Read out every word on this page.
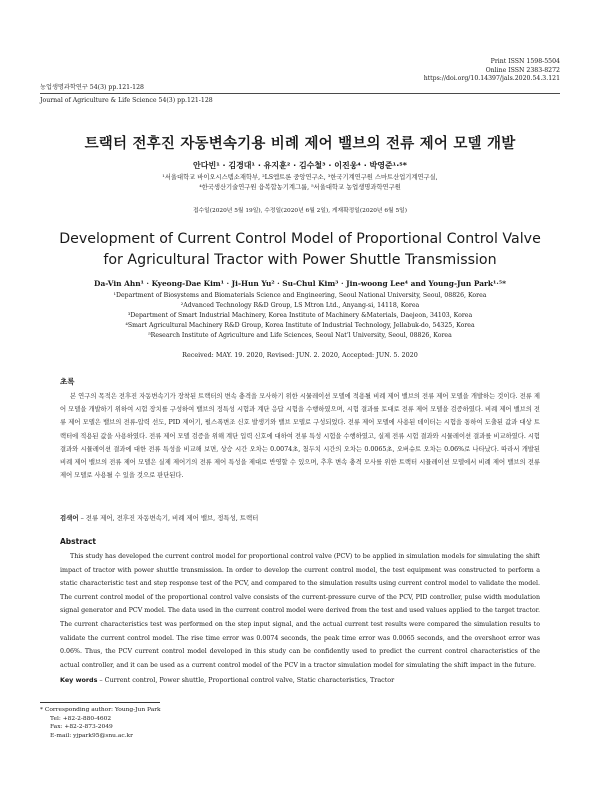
Print ISSN 1598-5504
Online ISSN 2383-8272
https://doi.org/10.14397/jals.2020.54.3.121
농업생명과학연구 54(3) pp.121-128
Journal of Agriculture & Life Science 54(3) pp.121-128
트랙터 전후진 자동변속기용 비례 제어 밸브의 전류 제어 모델 개발
안다빈¹ · 김경대¹ · 유지훈² · 김수철³ · 이진웅⁴ · 박영준¹·⁵*
¹서울대학교 바이오시스템소재학부, ²LS엠트론 중앙연구소, ³한국기계연구원 스마트산업기계연구실,
⁴한국생산기술연구원 융복합농기계그룹, ⁵서울대학교 농업생명과학연구원
접수일(2020년 5월 19일), 수정일(2020년 6월 2일), 게재확정일(2020년 6월 5일)
Development of Current Control Model of Proportional Control Valve
for Agricultural Tractor with Power Shuttle Transmission
Da-Vin Ahn¹ · Kyeong-Dae Kim¹ · Ji-Hun Yu² · Su-Chul Kim³ · Jin-woong Lee⁴ and Young-Jun Park¹·⁵*
¹Department of Biosystems and Biomaterials Science and Engineering, Seoul National University, Seoul, 08826, Korea
²Advanced Technology R&D Group, LS Mtron Ltd., Anyang-si, 14118, Korea
³Department of Smart Industrial Machinery, Korea Institute of Machinery &Materials, Daejeon, 34103, Korea
⁴Smart Agricultural Machinery R&D Group, Korea Institute of Industrial Technology, Jellabuk-do, 54325, Korea
⁵Research Institute of Agriculture and Life Sciences, Seoul Nat’l University, Seoul, 08826, Korea
Received: MAY. 19. 2020, Revised: JUN. 2. 2020, Accepted: JUN. 5. 2020
초록

본 연구의 목적은 전후진 자동변속기가 장착된 트랙터의 변속 충격을 모사하기 위한 시뮬레이션 모델에 적용될 비례 제어 밸브의 전류 제어 모델을 개발하는 것이다. 전류 제어 모델을 개발하기 위하여 시험 장치를 구성하여 밸브의 정특성 시험과 계단 응답 시험을 수행하였으며, 시험 결과를 토대로 전류 제어 모델을 검증하였다. 비례 제어 밸브의 전류 제어 모델은 밸브의 전류-압력 선도, PID 제어기, 펄스폭변조 신호 발생기와 밸브 모델로 구성되었다. 전류 제어 모델에 사용된 데이터는 시험을 통하여 도출된 값과 대상 트랙터에 적용된 값을 사용하였다. 전류 제어 모델 검증을 위해 계단 입력 신호에 대하여 전류 특성 시험을 수행하였고, 실제 전류 시험 결과와 시뮬레이션 결과를 비교하였다. 시험 결과와 시뮬레이션 결과에 대한 전류 특성을 비교해 보면, 상승 시간 오차는 0.0074초, 첨두치 시간의 오차는 0.0065초, 오버슈트 오차는 0.06%로 나타났다. 따라서 개발된 비례 제어 밸브의 전류 제어 모델은 실제 제어기의 전류 제어 특성을 제대로 반영할 수 있으며, 추후 변속 충격 모사를 위한 트랙터 시뮬레이션 모델에서 비례 제어 밸브의 전류 제어 모델로 사용될 수 있을 것으로 판단된다.

검색어 – 전류 제어, 전후진 자동변속기, 비례 제어 밸브, 정특성, 트랙터
Abstract

This study has developed the current control model for proportional control valve (PCV) to be applied in simulation models for simulating the shift impact of tractor with power shuttle transmission. In order to develop the current control model, the test equipment was constructed to perform a static characteristic test and step response test of the PCV, and compared to the simulation results using current control model to validate the model. The current control model of the proportional control valve consists of the current-pressure curve of the PCV, PID controller, pulse width modulation signal generator and PCV model. The data used in the current control model were derived from the test and used values applied to the target tractor. The current characteristics test was performed on the step input signal, and the actual current test results were compared the simulation results to validate the current control model. The rise time error was 0.0074 seconds, the peak time error was 0.0065 seconds, and the overshoot error was 0.06%. Thus, the PCV current control model developed in this study can be confidently used to predict the current control characteristics of the actual controller, and it can be used as a current control model of the PCV in a tractor simulation model for simulating the shift impact in the future.

Key words – Current control, Power shuttle, Proportional control valve, Static characteristics, Tractor
* Corresponding author: Young-Jun Park
Tel: +82-2-880-4602
Fax: +82-2-873-2049
E-mail: yjpark95@snu.ac.kr
